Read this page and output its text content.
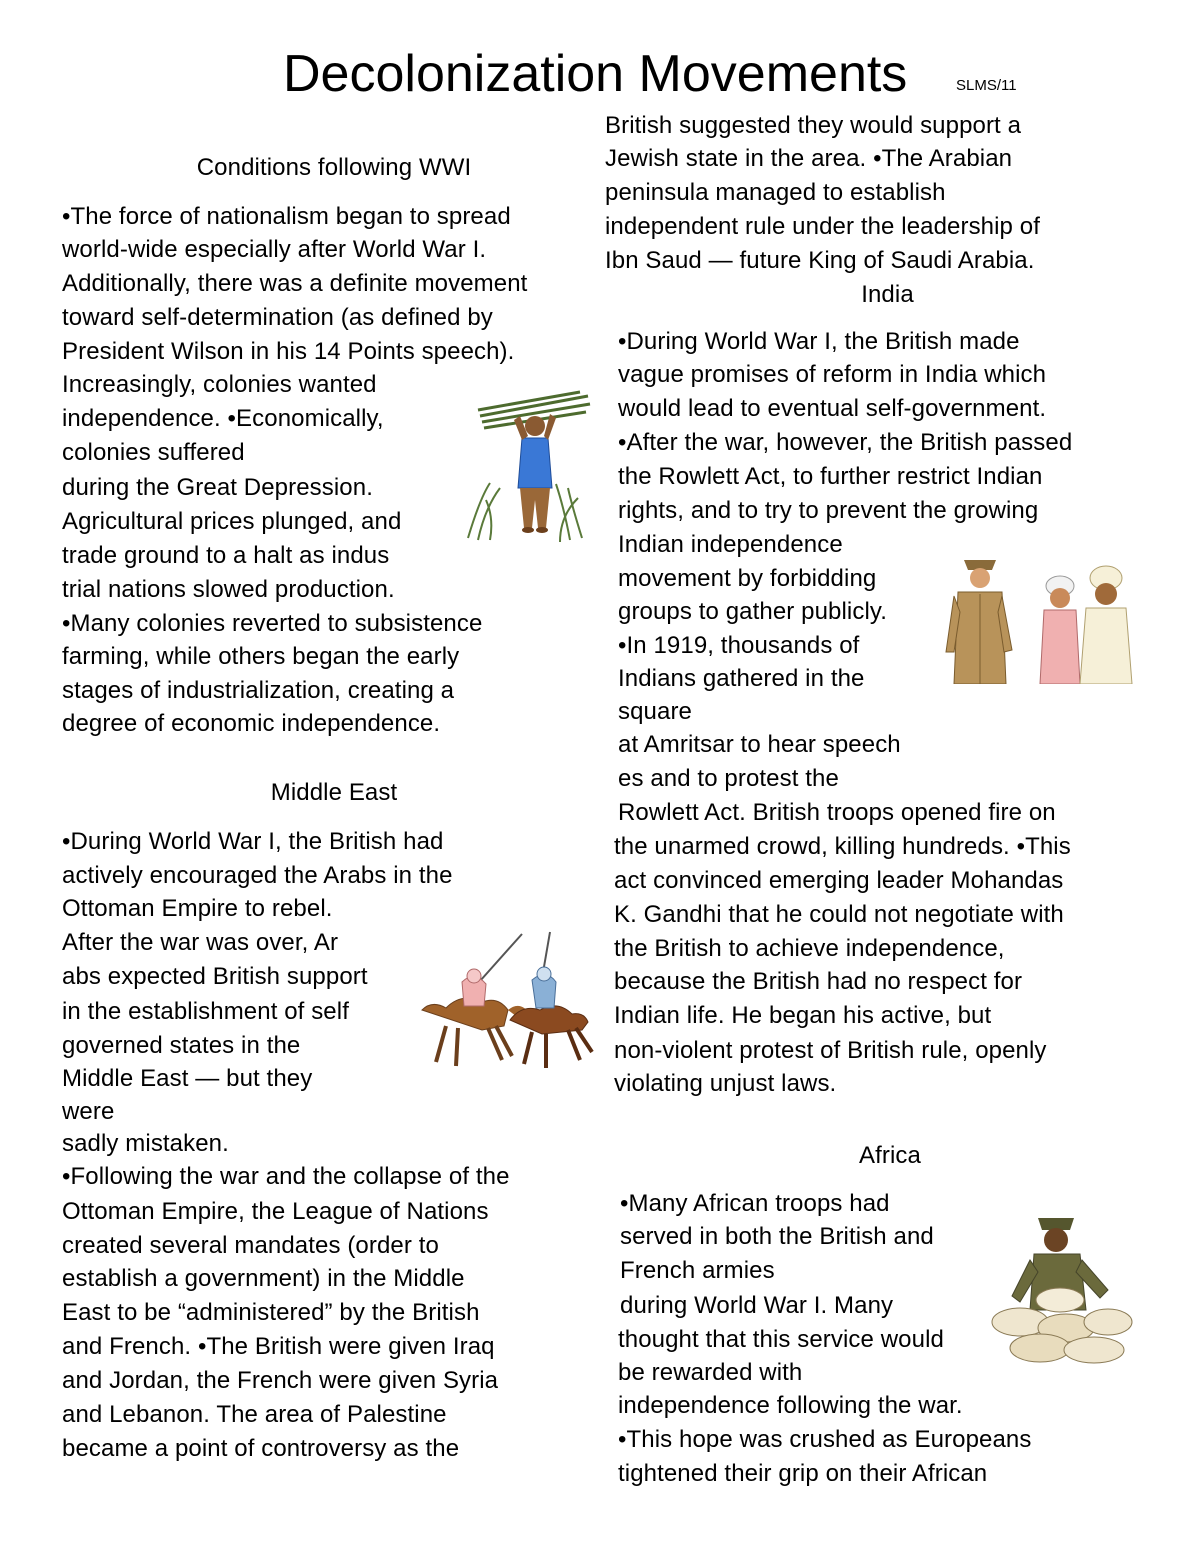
Decolonization Movements	SLMS/11
Conditions following WWI
•The force of nationalism began to spread
world-wide especially after World War I.
Additionally, there was a definite movement
toward self-determination (as defined by
President Wilson in his 14 Points speech).
Increasingly, colonies wanted
independence. •Economically,
colonies suffered
during the Great Depression.
Agricultural prices plunged, and
trade ground to a halt as indus
trial nations slowed production.
•Many colonies reverted to subsistence
farming, while others began the early
stages of industrialization, creating a
degree of economic independence.
Middle East
•During World War I, the British had
actively encouraged the Arabs in the
Ottoman Empire to rebel.
After the war was over, Ar
abs expected British support
in the establishment of self
governed states in the
Middle East — but they
were
sadly mistaken.
•Following the war and the collapse of the
Ottoman Empire, the League of Nations
created several mandates (order to
establish a government) in the Middle
East to be “administered” by the British
and French. •The British were given Iraq
and Jordan, the French were given Syria
and Lebanon. The area of Palestine
became a point of controversy as the
British suggested they would support a
Jewish state in the area. •The Arabian
peninsula managed to establish
independent rule under the leadership of
Ibn Saud — future King of Saudi Arabia.
India
•During World War I, the British made
vague promises of reform in India which
would lead to eventual self-government.
•After the war, however, the British passed
the Rowlett Act, to further restrict Indian
rights, and to try to prevent the growing
Indian independence
movement by forbidding
groups to gather publicly.
•In 1919, thousands of
Indians gathered in the
square
at Amritsar to hear speech
es and to protest the
Rowlett Act. British troops opened fire on
the unarmed crowd, killing hundreds. •This
act convinced emerging leader Mohandas
K. Gandhi that he could not negotiate with
the British to achieve independence,
because the British had no respect for
Indian life. He began his active, but
non-violent protest of British rule, openly
violating unjust laws.
Africa
•Many African troops had
served in both the British and
French armies
during World War I. Many
thought that this service would
be rewarded with
independence following the war.
•This hope was crushed as Europeans
tightened their grip on their African
